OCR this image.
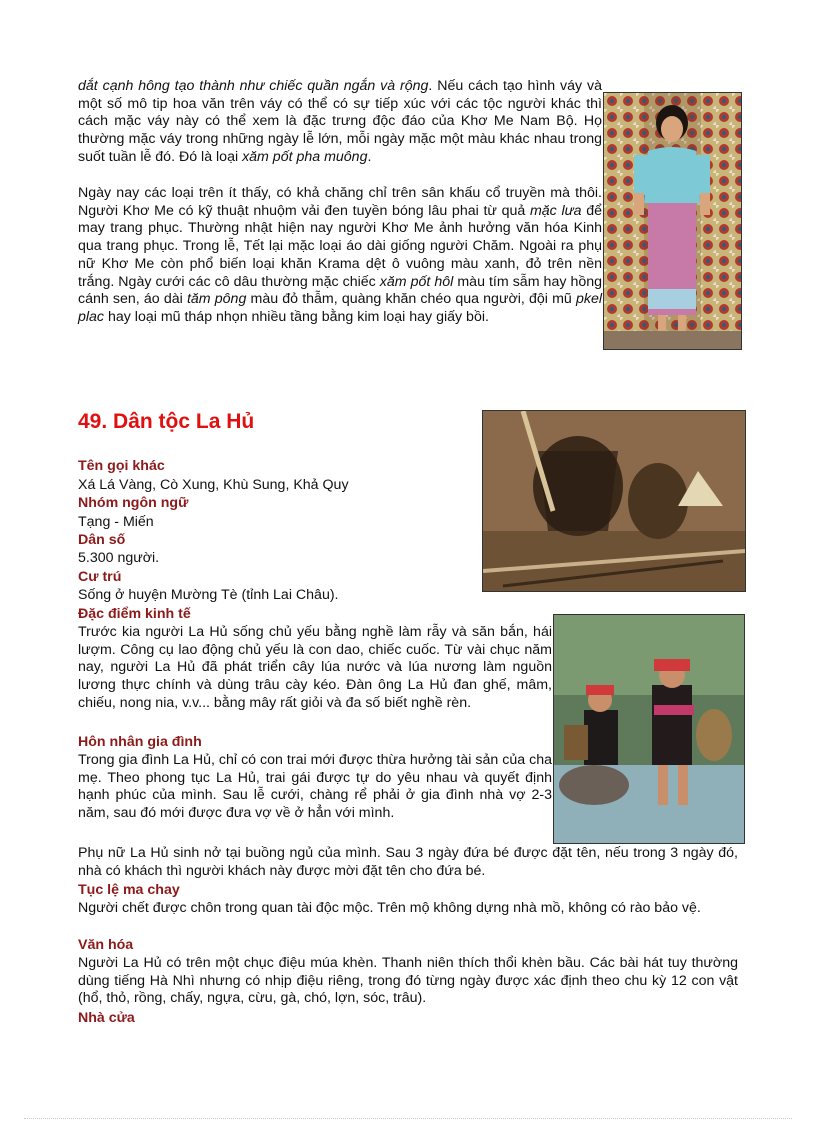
dắt cạnh hông tạo thành như chiếc quần ngắn và rộng. Nếu cách tạo hình váy và một số mô tip hoa văn trên váy có thể có sự tiếp xúc với các tộc người khác thì cách mặc váy này có thể xem là đặc trưng độc đáo của Khơ Me Nam Bộ. Họ thường mặc váy trong những ngày lễ lớn, mỗi ngày mặc một màu khác nhau trong suốt tuần lễ đó. Đó là loại xăm pốt pha muông.

Ngày nay các loại trên ít thấy, có khả chăng chỉ trên sân khấu cổ truyền mà thôi. Người Khơ Me có kỹ thuật nhuộm vải đen tuyền bóng lâu phai từ quả mặc lưa để may trang phục. Thường nhật hiện nay người Khơ Me ảnh hưởng văn hóa Kinh qua trang phục. Trong lễ, Tết lại mặc loại áo dài giống người Chăm. Ngoài ra phụ nữ Khơ Me còn phổ biến loại khăn Krama dệt ô vuông màu xanh, đỏ trên nền trắng. Ngày cưới các cô dâu thường mặc chiếc xăm pốt hôl màu tím sẫm hay hồng cánh sen, áo dài tăm pông màu đỏ thẫm, quàng khăn chéo qua người, đội mũ pkel plac hay loại mũ tháp nhọn nhiều tầng bằng kim loại hay giấy bồi.

49. Dân tộc La Hủ
Tên gọi khác
Xá Lá Vàng, Cò Xung, Khù Sung, Khả Quy
Nhóm ngôn ngữ
Tạng - Miến
Dân số
5.300 người.
Cư trú
Sống ở huyện Mường Tè (tỉnh Lai Châu).
Đặc điểm kinh tế
Trước kia người La Hủ sống chủ yếu bằng nghề làm rẫy và săn bắn, hái lượm. Công cụ lao động chủ yếu là con dao, chiếc cuốc. Từ vài chục năm nay, người La Hủ đã phát triển cây lúa nước và lúa nương làm nguồn lương thực chính và dùng trâu cày kéo. Đàn ông La Hủ đan ghế, mâm, chiếu, nong nia, v.v... bằng mây rất giỏi và đa số biết nghề rèn.
Hôn nhân gia đình
Trong gia đình La Hủ, chỉ có con trai mới được thừa hưởng tài sản của cha mẹ. Theo phong tục La Hủ, trai gái được tự do yêu nhau và quyết định hạnh phúc của mình. Sau lễ cưới, chàng rể phải ở gia đình nhà vợ 2-3 năm, sau đó mới được đưa vợ về ở hẳn với mình.
Phụ nữ La Hủ sinh nở tại buồng ngủ của mình. Sau 3 ngày đứa bé được đặt tên, nếu trong 3 ngày đó, nhà có khách thì người khách này được mời đặt tên cho đứa bé.
Tục lệ ma chay
Người chết được chôn trong quan tài độc mộc. Trên mộ không dựng nhà mồ, không có rào bảo vệ.
Văn hóa
Người La Hủ có trên một chục điệu múa khèn. Thanh niên thích thổi khèn bầu. Các bài hát tuy thường dùng tiếng Hà Nhì nhưng có nhịp điệu riêng, trong đó từng ngày được xác định theo chu kỳ 12 con vật (hổ, thỏ, rồng, chấy, ngựa, cừu, gà, chó, lợn, sóc, trâu).
Nhà cửa
